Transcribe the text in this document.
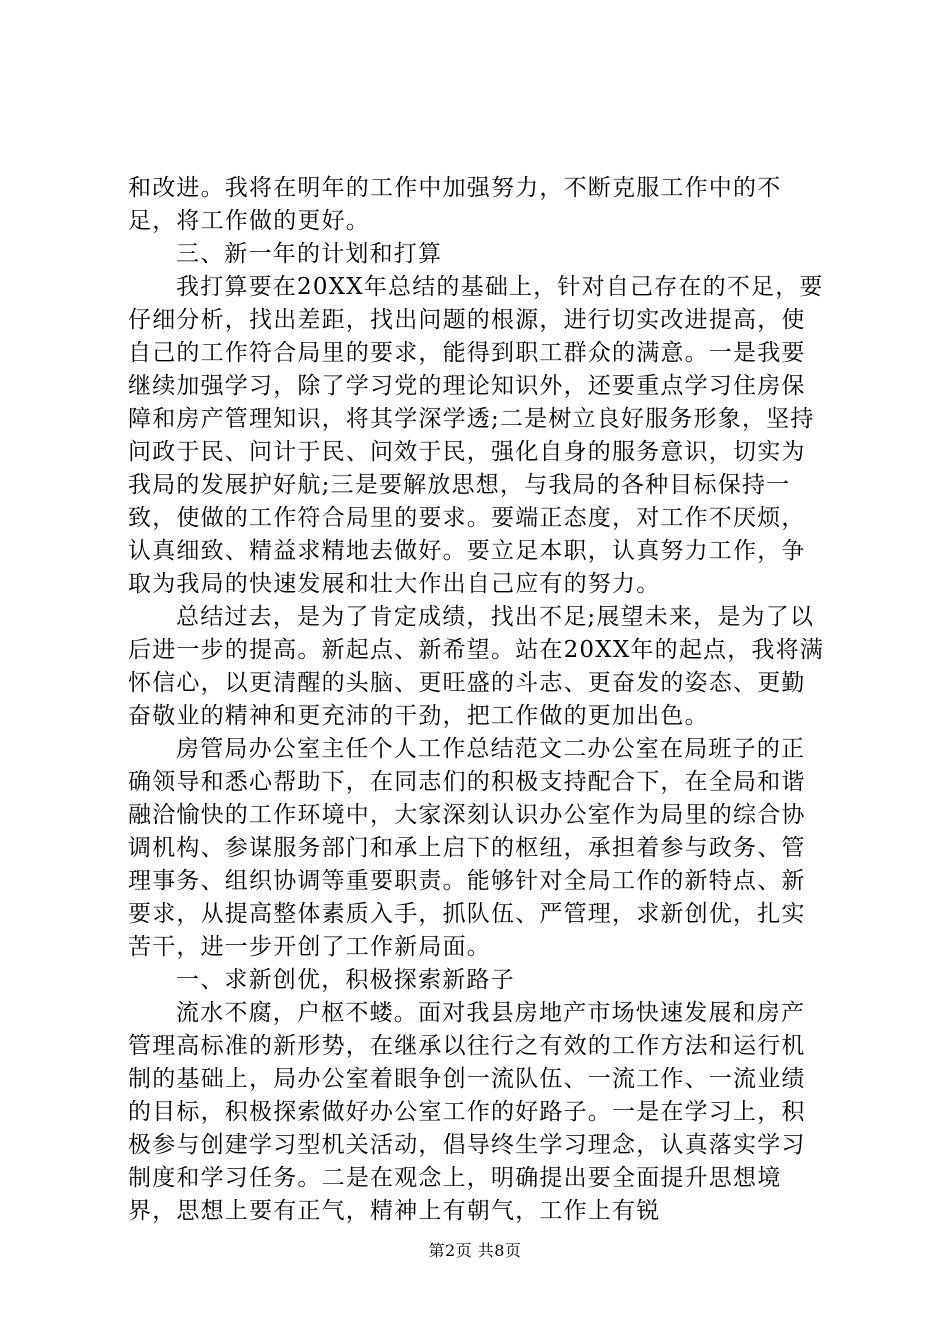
和改进。我将在明年的工作中加强努力，不断克服工作中的不足，将工作做的更好。

三、新一年的计划和打算

我打算要在20XX年总结的基础上，针对自己存在的不足，要仔细分析，找出差距，找出问题的根源，进行切实改进提高，使自己的工作符合局里的要求，能得到职工群众的满意。一是我要继续加强学习，除了学习党的理论知识外，还要重点学习住房保障和房产管理知识，将其学深学透;二是树立良好服务形象，坚持问政于民、问计于民、问效于民，强化自身的服务意识，切实为我局的发展护好航;三是要解放思想，与我局的各种目标保持一致，使做的工作符合局里的要求。要端正态度，对工作不厌烦，认真细致、精益求精地去做好。要立足本职，认真努力工作，争取为我局的快速发展和壮大作出自己应有的努力。

总结过去，是为了肯定成绩，找出不足;展望未来，是为了以后进一步的提高。新起点、新希望。站在20XX年的起点，我将满怀信心，以更清醒的头脑、更旺盛的斗志、更奋发的姿态、更勤奋敬业的精神和更充沛的干劲，把工作做的更加出色。

房管局办公室主任个人工作总结范文二办公室在局班子的正确领导和悉心帮助下，在同志们的积极支持配合下，在全局和谐融洽愉快的工作环境中，大家深刻认识办公室作为局里的综合协调机构、参谋服务部门和承上启下的枢纽，承担着参与政务、管理事务、组织协调等重要职责。能够针对全局工作的新特点、新要求，从提高整体素质入手，抓队伍、严管理，求新创优，扎实苦干，进一步开创了工作新局面。

一、求新创优，积极探索新路子

流水不腐，户枢不蝼。面对我县房地产市场快速发展和房产管理高标准的新形势，在继承以往行之有效的工作方法和运行机制的基础上，局办公室着眼争创一流队伍、一流工作、一流业绩的目标，积极探索做好办公室工作的好路子。一是在学习上，积极参与创建学习型机关活动，倡导终生学习理念，认真落实学习制度和学习任务。二是在观念上，明确提出要全面提升思想境界，思想上要有正气，精神上有朝气，工作上有锐

第2页 共8页
